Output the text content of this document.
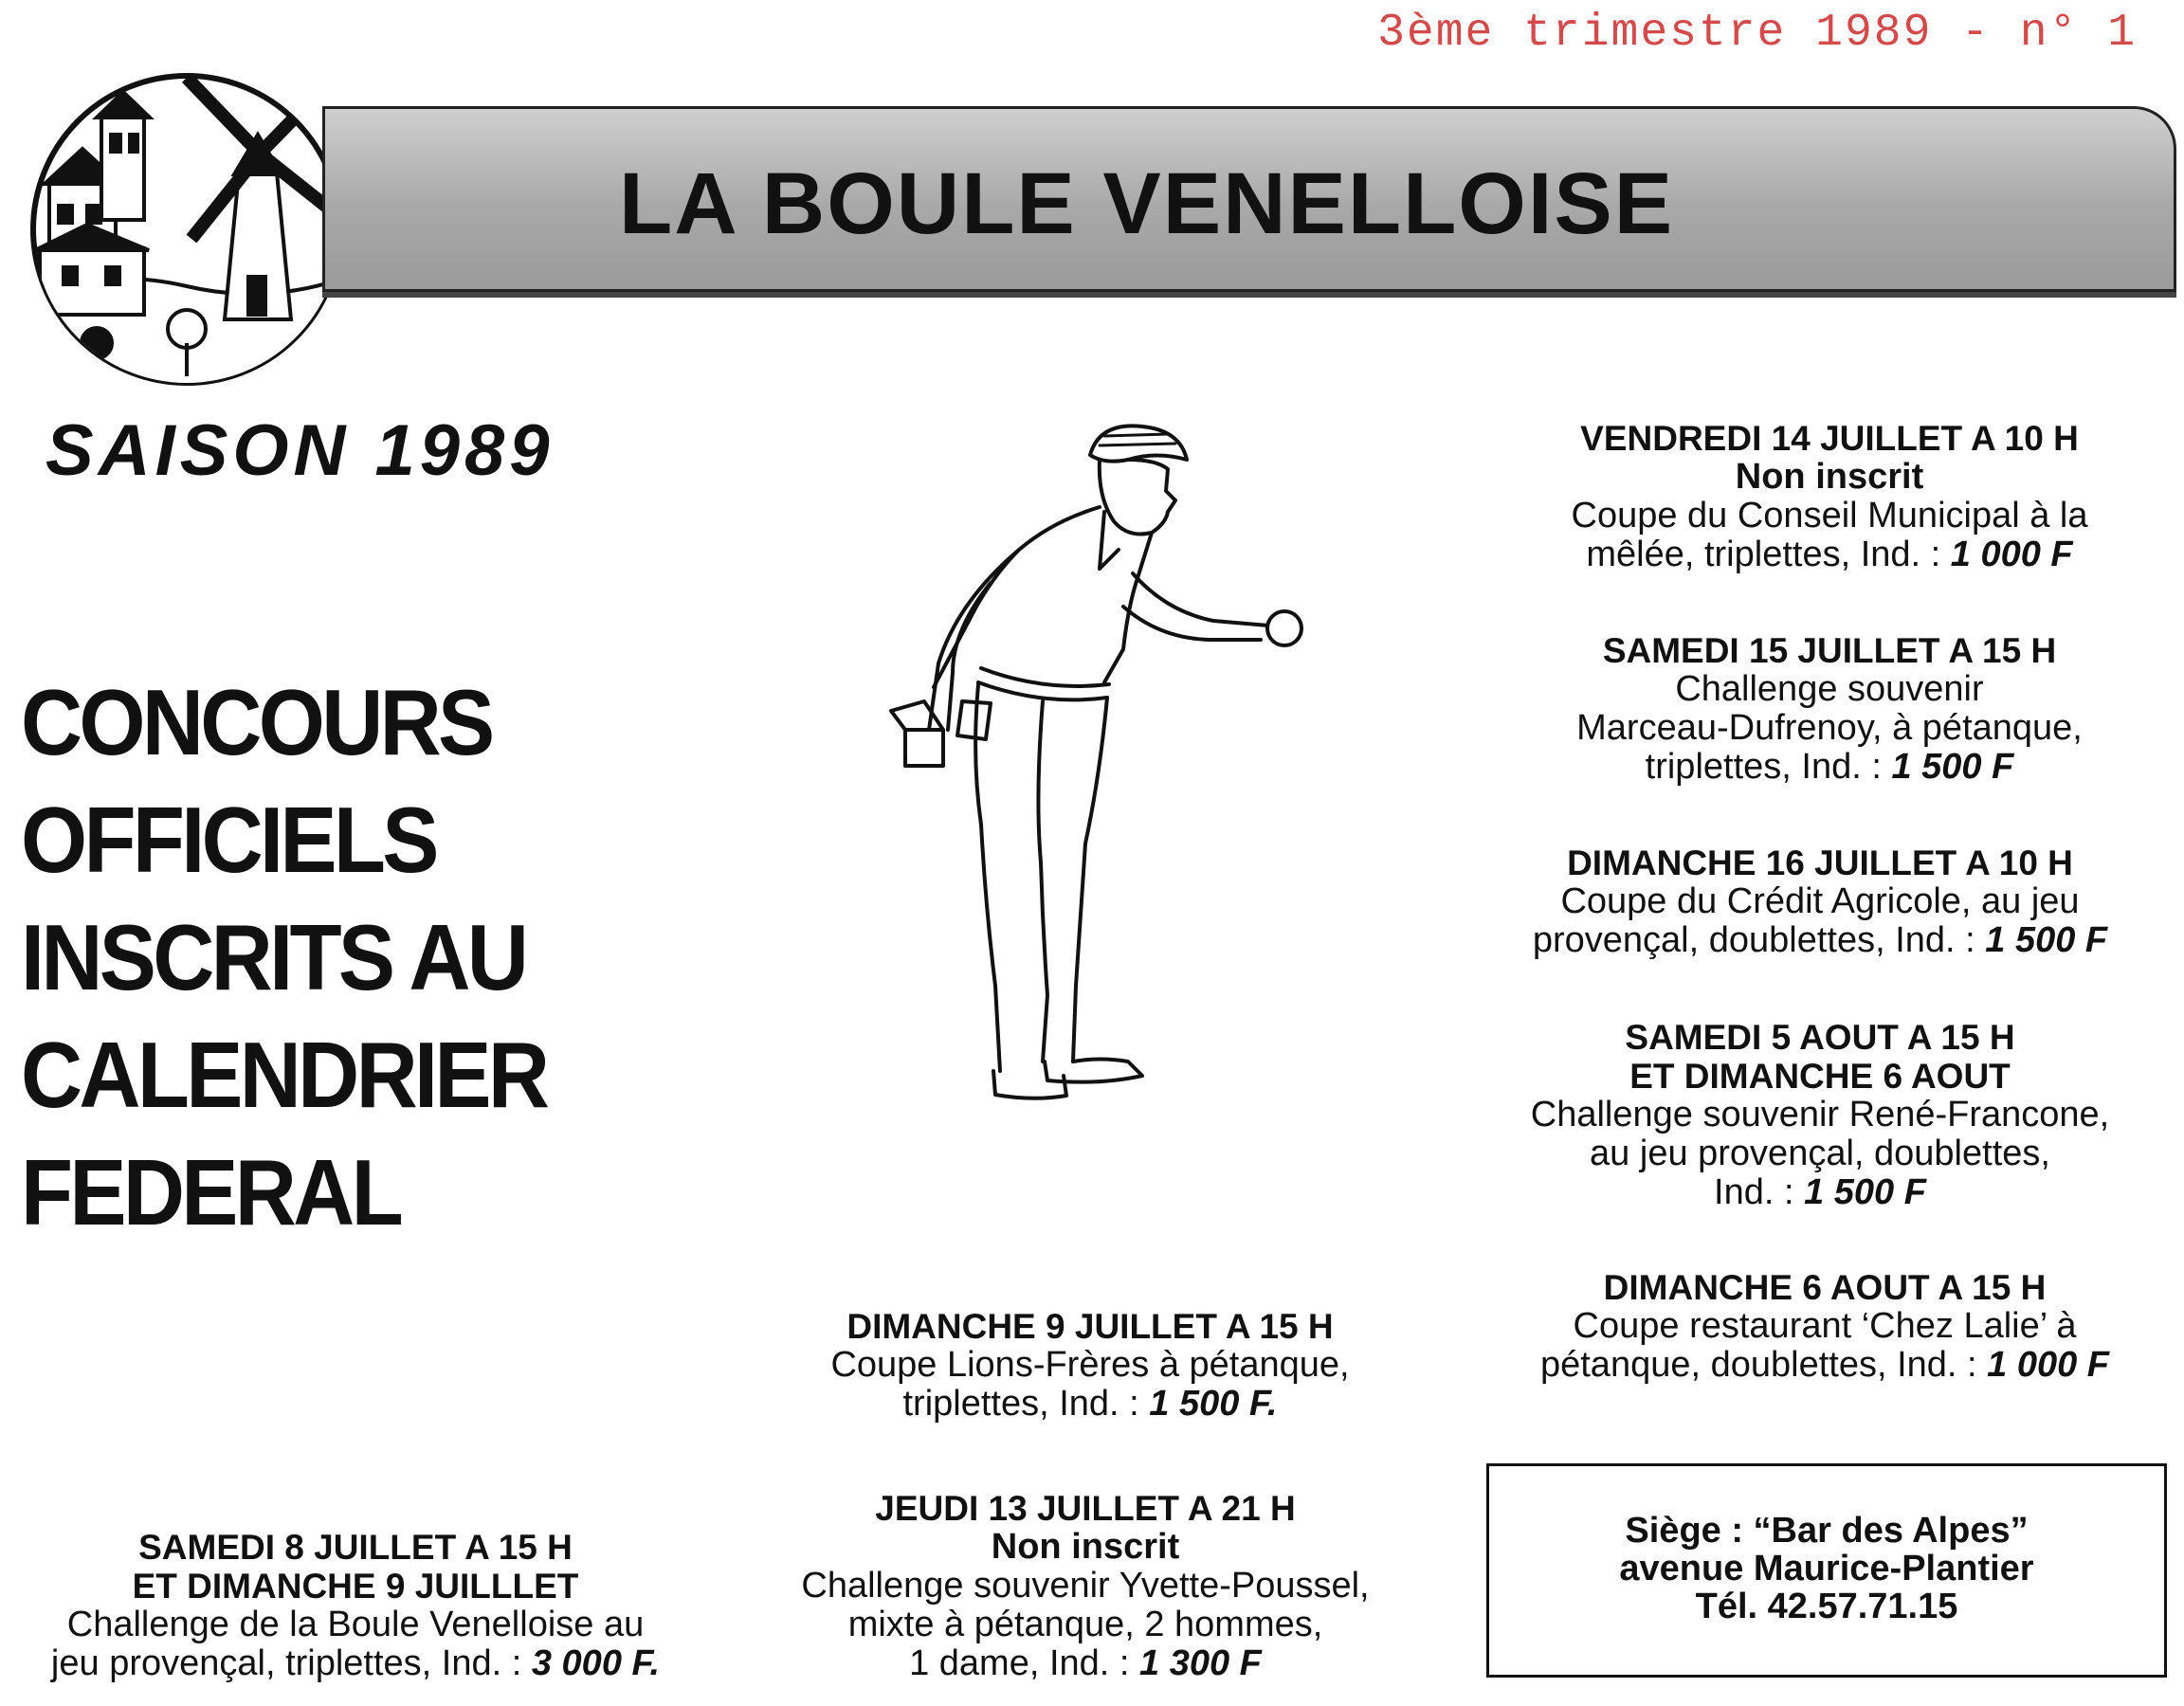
3ème trimestre 1989 - n° 1
LA BOULE VENELLOISE
SAISON 1989
CONCOURS
OFFICIELS
INSCRITS AU
CALENDRIER
FEDERAL
VENDREDI 14 JUILLET A 10 H
Non inscrit
Coupe du Conseil Municipal à la
mêlée, triplettes, Ind. : 1 000 F
SAMEDI 15 JUILLET A 15 H
Challenge souvenir
Marceau-Dufrenoy, à pétanque,
triplettes, Ind. : 1 500 F
DIMANCHE 16 JUILLET A 10 H
Coupe du Crédit Agricole, au jeu
provençal, doublettes, Ind. : 1 500 F
SAMEDI 5 AOUT A 15 H
ET DIMANCHE 6 AOUT
Challenge souvenir René-Francone,
au jeu provençal, doublettes,
Ind. : 1 500 F
DIMANCHE 6 AOUT A 15 H
Coupe restaurant ‘Chez Lalie’ à
pétanque, doublettes, Ind. : 1 000 F
DIMANCHE 9 JUILLET A 15 H
Coupe Lions-Frères à pétanque,
triplettes, Ind. : 1 500 F.
JEUDI 13 JUILLET A 21 H
Non inscrit
Challenge souvenir Yvette-Poussel,
mixte à pétanque, 2 hommes,
1 dame, Ind. : 1 300 F
SAMEDI 8 JUILLET A 15 H
ET DIMANCHE 9 JUILLLET
Challenge de la Boule Venelloise au
jeu provençal, triplettes, Ind. : 3 000 F.
Siège : “Bar des Alpes”
avenue Maurice-Plantier
Tél. 42.57.71.15
